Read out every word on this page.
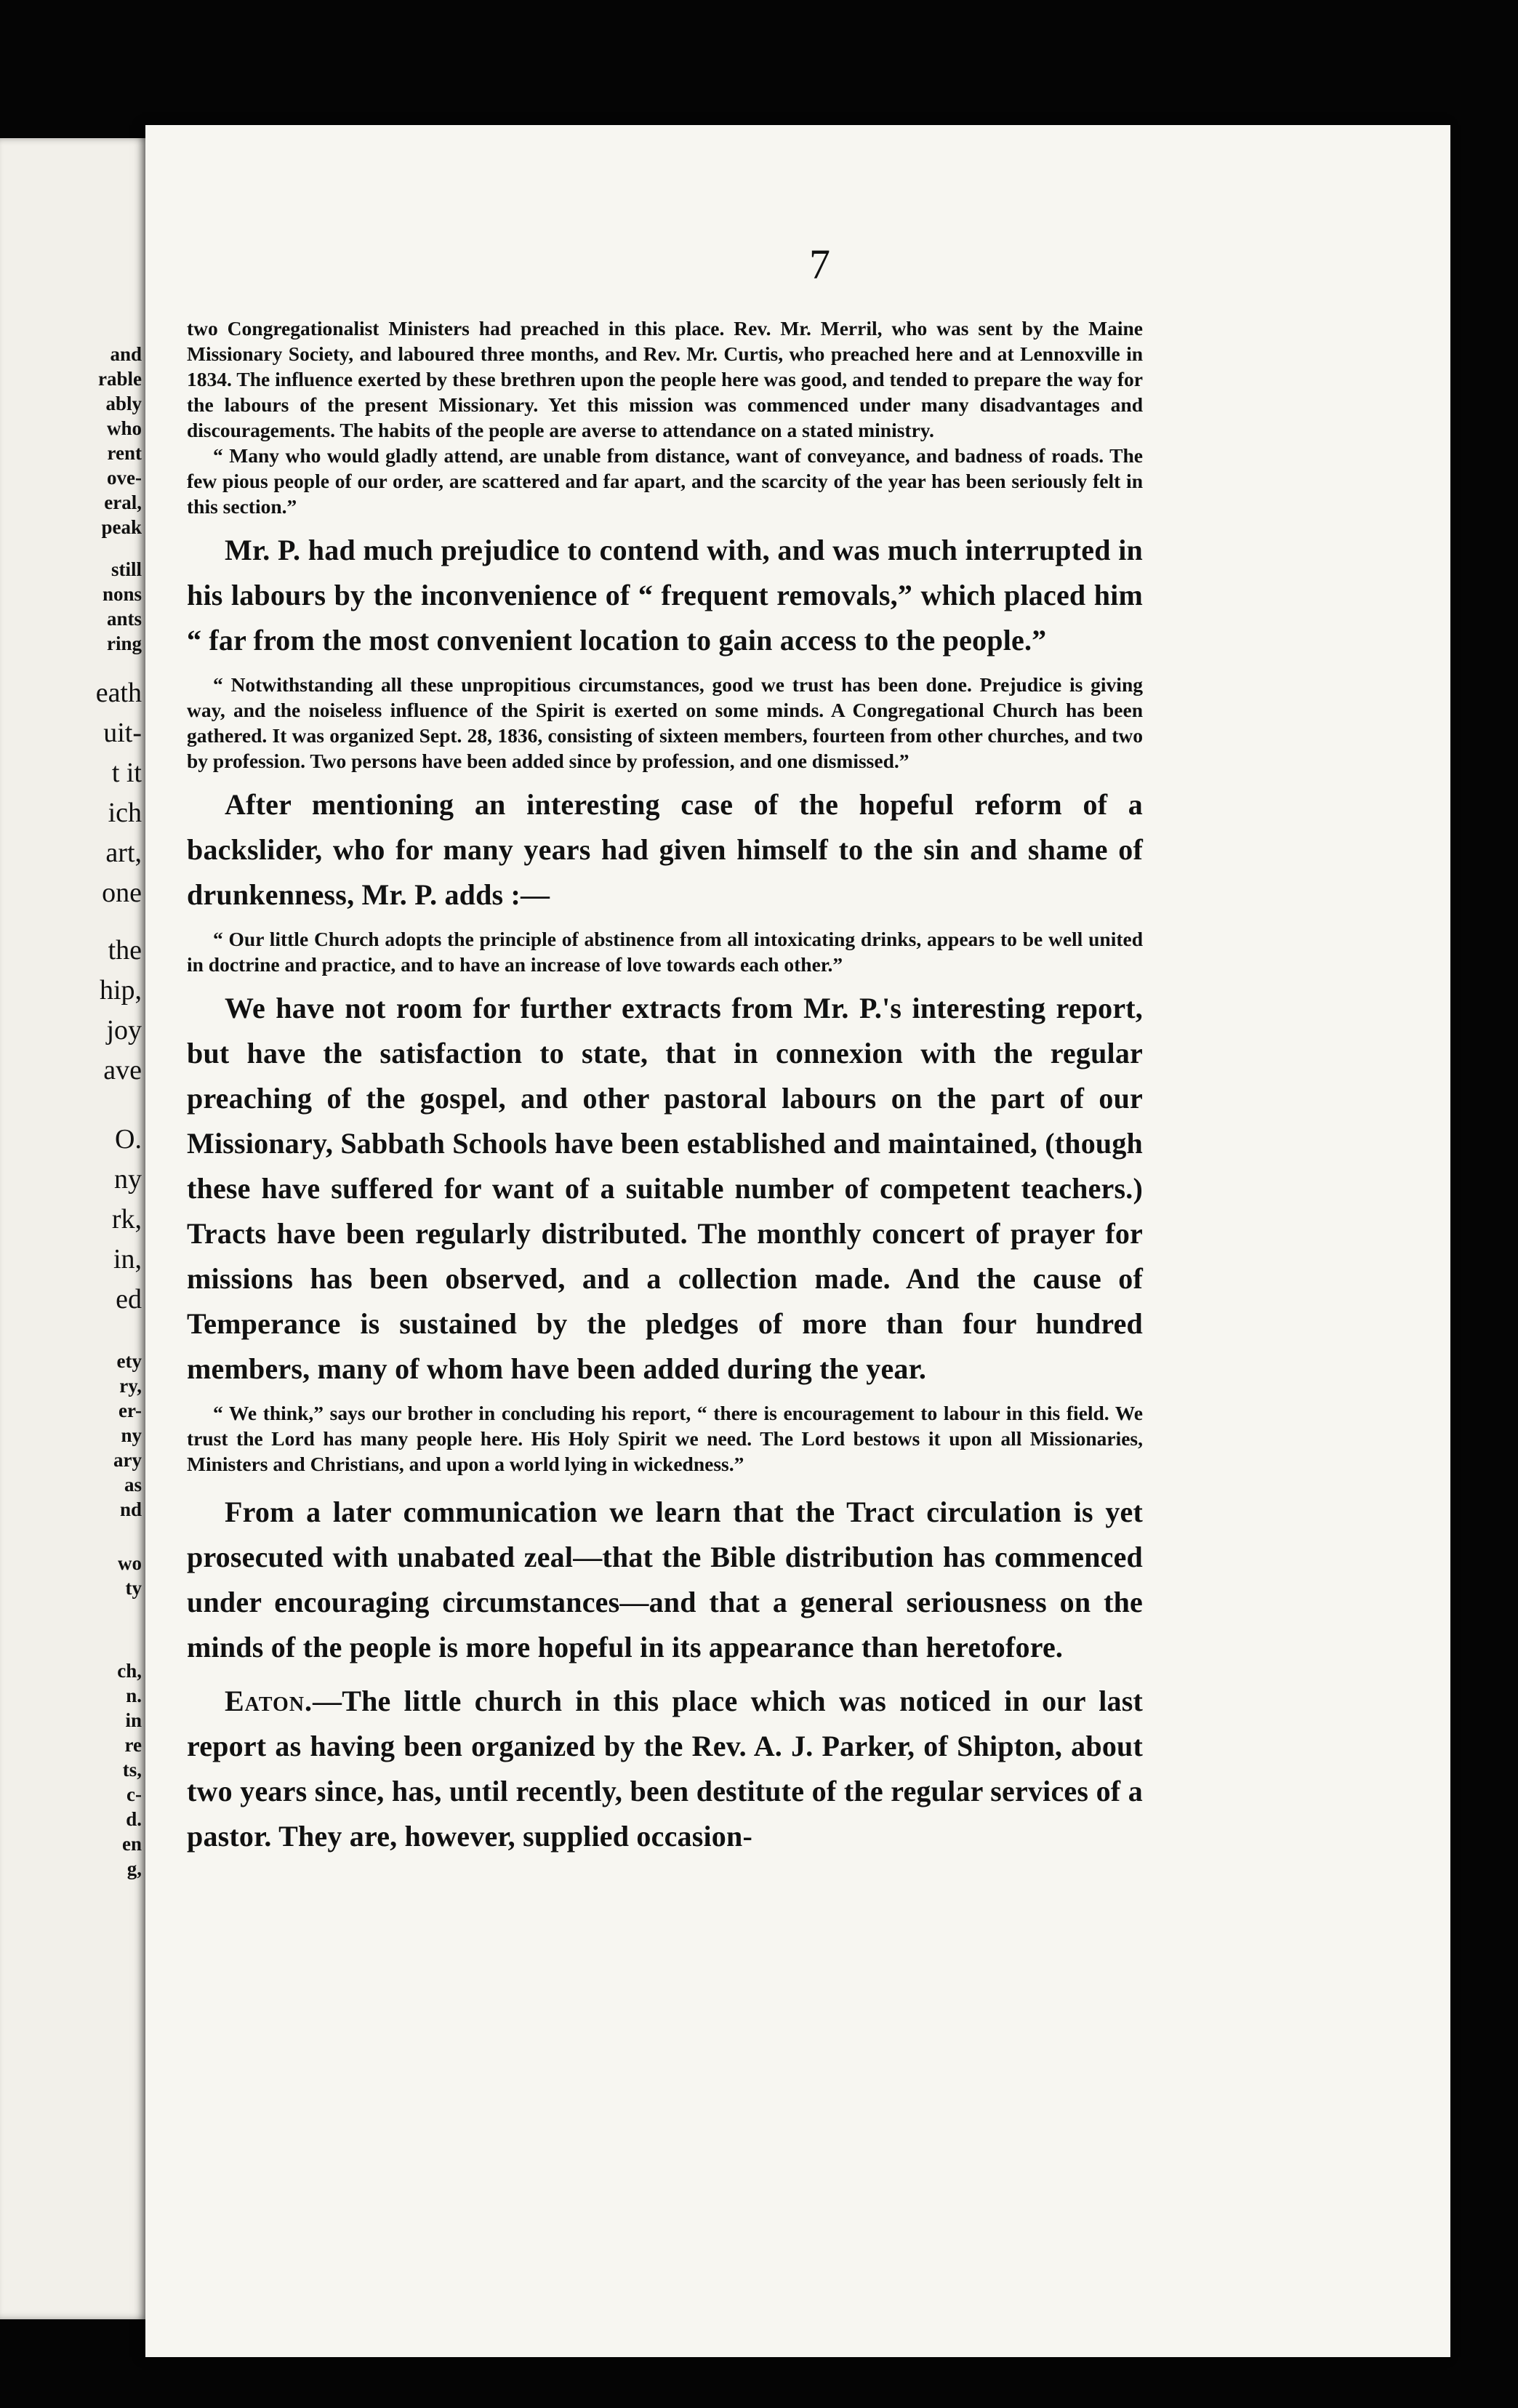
and
rable
ably
who
rent
ove-
eral,
peak
still
nons
ants
ring
eath
uit-
t it
ich
art,
one
the
hip,
joy
ave
O.
ny
rk,
in,
ed
ety
ry,
er-
ny
ary
as
nd
wo
ty
ch,
n.
in
re
ts,
c-
d.
en
g,
7

two Congregationalist Ministers had preached in this place. Rev. Mr. Merril, who was sent by the Maine Missionary Society, and laboured three months, and Rev. Mr. Curtis, who preached here and at Lennoxville in 1834. The influence exerted by these brethren upon the people here was good, and tended to prepare the way for the labours of the present Missionary. Yet this mission was commenced under many disadvantages and discouragements. The habits of the people are averse to attendance on a stated ministry.

“ Many who would gladly attend, are unable from distance, want of conveyance, and badness of roads. The few pious people of our order, are scattered and far apart, and the scarcity of the year has been seriously felt in this section.”

Mr. P. had much prejudice to contend with, and was much interrupted in his labours by the inconvenience of “ frequent removals,” which placed him “ far from the most convenient location to gain access to the people.”

“ Notwithstanding all these unpropitious circumstances, good we trust has been done. Prejudice is giving way, and the noiseless influence of the Spirit is exerted on some minds. A Congregational Church has been gathered. It was organized Sept. 28, 1836, consisting of sixteen members, fourteen from other churches, and two by profession. Two persons have been added since by profession, and one dismissed.”

After mentioning an interesting case of the hopeful reform of a backslider, who for many years had given himself to the sin and shame of drunkenness, Mr. P. adds :—

“ Our little Church adopts the principle of abstinence from all intoxicating drinks, appears to be well united in doctrine and practice, and to have an increase of love towards each other.”

We have not room for further extracts from Mr. P.'s interesting report, but have the satisfaction to state, that in connexion with the regular preaching of the gospel, and other pastoral labours on the part of our Missionary, Sabbath Schools have been established and maintained, (though these have suffered for want of a suitable number of competent teachers.) Tracts have been regularly distributed. The monthly concert of prayer for missions has been observed, and a collection made. And the cause of Temperance is sustained by the pledges of more than four hundred members, many of whom have been added during the year.

“ We think,” says our brother in concluding his report, “ there is encouragement to labour in this field. We trust the Lord has many people here. His Holy Spirit we need. The Lord bestows it upon all Missionaries, Ministers and Christians, and upon a world lying in wickedness.”

From a later communication we learn that the Tract circulation is yet prosecuted with unabated zeal—that the Bible distribution has commenced under encouraging circumstances—and that a general seriousness on the minds of the people is more hopeful in its appearance than heretofore.

Eaton.—The little church in this place which was noticed in our last report as having been organized by the Rev. A. J. Parker, of Shipton, about two years since, has, until recently, been destitute of the regular services of a pastor. They are, however, supplied occasion-
